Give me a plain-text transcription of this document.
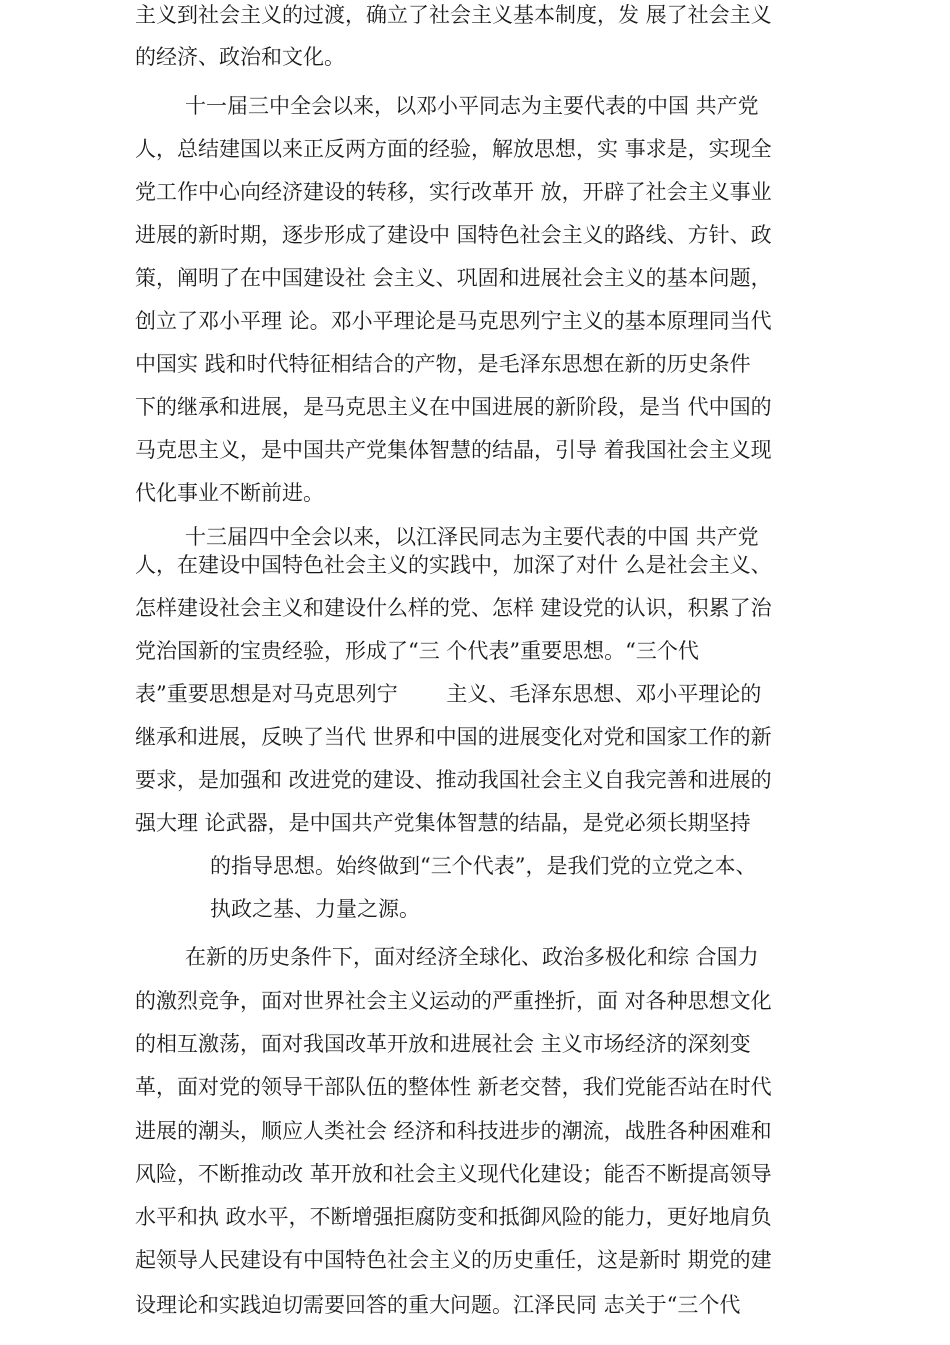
主义到社会主义的过渡，确立了社会主义基本制度，发 展了社会主义
的经济、政治和文化。
十一届三中全会以来，以邓小平同志为主要代表的中国 共产党
人，总结建国以来正反两方面的经验，解放思想，实 事求是，实现全
党工作中心向经济建设的转移，实行改革开 放，开辟了社会主义事业
进展的新时期，逐步形成了建设中 国特色社会主义的路线、方针、政
策，阐明了在中国建设社 会主义、巩固和进展社会主义的基本问题，
创立了邓小平理 论。邓小平理论是马克思列宁主义的基本原理同当代
中国实 践和时代特征相结合的产物，是毛泽东思想在新的历史条件
下的继承和进展，是马克思主义在中国进展的新阶段，是当 代中国的
马克思主义，是中国共产党集体智慧的结晶，引导 着我国社会主义现
代化事业不断前进。
十三届四中全会以来，以江泽民同志为主要代表的中国 共产党
人，在建设中国特色社会主义的实践中，加深了对什 么是社会主义、
怎样建设社会主义和建设什么样的党、怎样 建设党的认识，积累了治
党治国新的宝贵经验，形成了“三 个代表”重要思想。“三个代
表”重要思想是对马克思列宁　　 主义、毛泽东思想、邓小平理论的
继承和进展，反映了当代 世界和中国的进展变化对党和国家工作的新
要求，是加强和 改进党的建设、推动我国社会主义自我完善和进展的
强大理 论武器，是中国共产党集体智慧的结晶，是党必须长期坚持
的指导思想。始终做到“三个代表”，是我们党的立党之本、
执政之基、力量之源。
在新的历史条件下，面对经济全球化、政治多极化和综 合国力
的激烈竞争，面对世界社会主义运动的严重挫折，面 对各种思想文化
的相互激荡，面对我国改革开放和进展社会 主义市场经济的深刻变
革，面对党的领导干部队伍的整体性 新老交替，我们党能否站在时代
进展的潮头，顺应人类社会 经济和科技进步的潮流，战胜各种困难和
风险，不断推动改 革开放和社会主义现代化建设；能否不断提高领导
水平和执 政水平，不断增强拒腐防变和抵御风险的能力，更好地肩负
起领导人民建设有中国特色社会主义的历史重任，这是新时 期党的建
设理论和实践迫切需要回答的重大问题。江泽民同 志关于“三个代
